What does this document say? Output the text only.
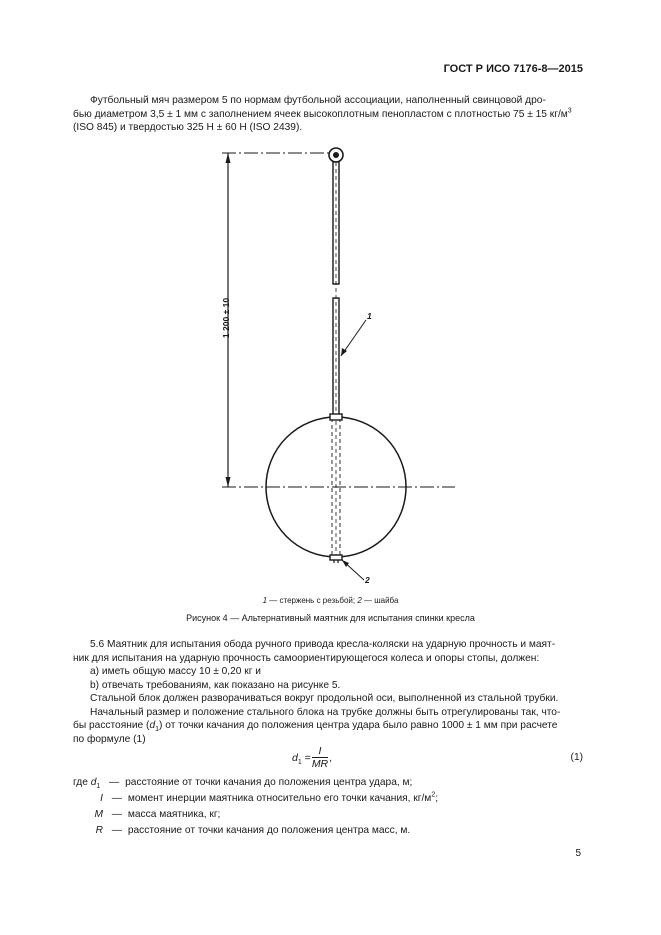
ГОСТ Р ИСО 7176-8—2015
Футбольный мяч размером 5 по нормам футбольной ассоциации, наполненный свинцовой дро-
бью диаметром 3,5 ± 1 мм с заполнением ячеек высокоплотным пенопластом с плотностью 75 ± 15 $кг/м^3$
(ISO 845) и твердостью 325 Н ± 60 Н (ISO 2439).
1 200 ± 10	1
2
1 — стержень с резьбой; 2 — шайба
Рисунок 4 — Альтернативный маятник для испытания спинки кресла
5.6 Маятник для испытания обода ручного привода кресла-коляски на ударную прочность и маят-
ник для испытания на ударную прочность самоориентирующегося колеса и опоры стопы, должен:
а) иметь общую массу 10 ± 0,20 кг и
b) отвечать требованиям, как показано на рисунке 5.
Стальной блок должен разворачиваться вокруг продольной оси, выполненной из стальной трубки.
Начальный размер и положение стального блока на трубке должны быть отрегулированы так, что-
бы расстояние $(d_1)$ от точки качания до положения центра удара было равно 1000 ± 1 мм при расчете
по формуле (1)
$d_1$ =	
I
MR	,	(1)
где $d_1$ — расстояние от точки качания до положения центра удара, м;
I — момент инерции маятника относительно его точки качания, $кг/м^2$;
M — масса маятника, кг;
R — расстояние от точки качания до положения центра масс, м.
5
